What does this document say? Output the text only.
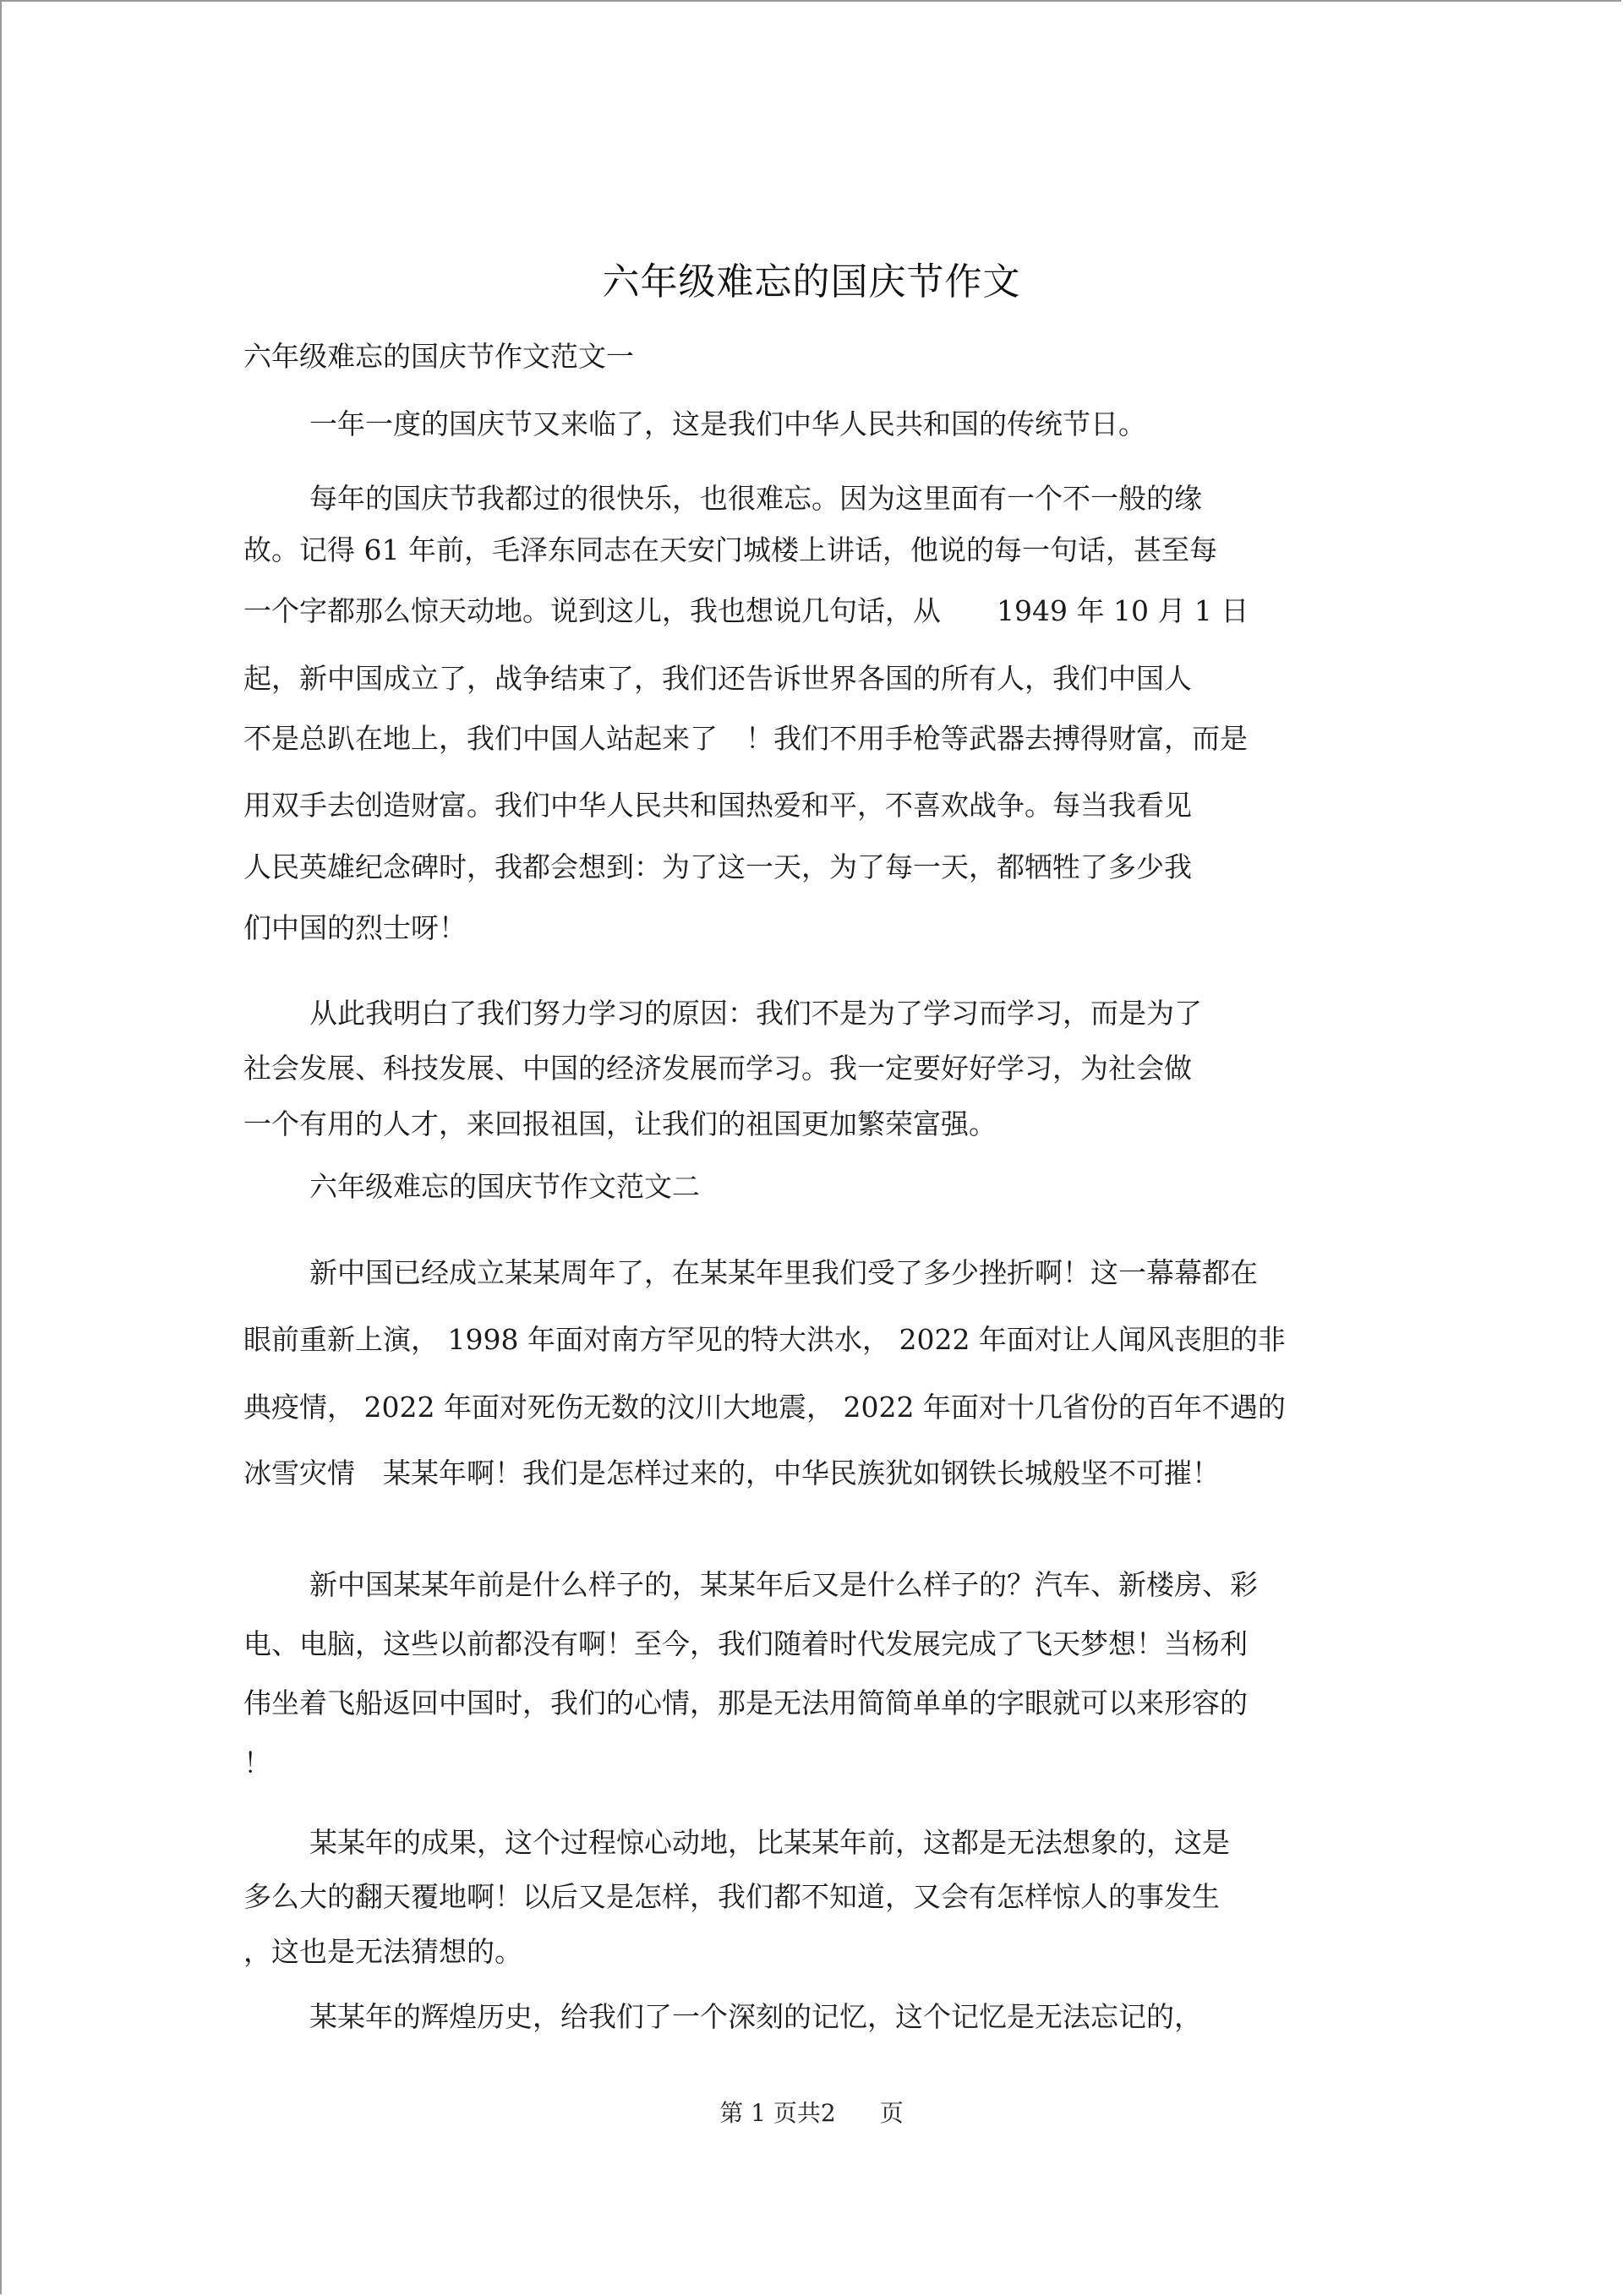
六年级难忘的国庆节作文
六年级难忘的国庆节作文范文一
一年一度的国庆节又来临了，这是我们中华人民共和国的传统节日。
每年的国庆节我都过的很快乐，也很难忘。因为这里面有一个不一般的缘
故。记得 61 年前，毛泽东同志在天安门城楼上讲话，他说的每一句话，甚至每
一个字都那么惊天动地。说到这儿，我也想说几句话，从　　1949 年 10 月 1 日
起，新中国成立了，战争结束了，我们还告诉世界各国的所有人，我们中国人
不是总趴在地上，我们中国人站起来了　！我们不用手枪等武器去搏得财富，而是
用双手去创造财富。我们中华人民共和国热爱和平，不喜欢战争。每当我看见
人民英雄纪念碑时，我都会想到：为了这一天，为了每一天，都牺牲了多少我
们中国的烈士呀！
从此我明白了我们努力学习的原因：我们不是为了学习而学习，而是为了
社会发展、科技发展、中国的经济发展而学习。我一定要好好学习，为社会做
一个有用的人才，来回报祖国，让我们的祖国更加繁荣富强。
六年级难忘的国庆节作文范文二
新中国已经成立某某周年了，在某某年里我们受了多少挫折啊！这一幕幕都在
眼前重新上演， 1998 年面对南方罕见的特大洪水， 2022 年面对让人闻风丧胆的非
典疫情， 2022 年面对死伤无数的汶川大地震， 2022 年面对十几省份的百年不遇的
冰雪灾情　某某年啊！我们是怎样过来的，中华民族犹如钢铁长城般坚不可摧！
新中国某某年前是什么样子的，某某年后又是什么样子的？汽车、新楼房、彩
电、电脑，这些以前都没有啊！至今，我们随着时代发展完成了飞天梦想！当杨利
伟坐着飞船返回中国时，我们的心情，那是无法用简简单单的字眼就可以来形容的
！
某某年的成果，这个过程惊心动地，比某某年前，这都是无法想象的，这是
多么大的翻天覆地啊！以后又是怎样，我们都不知道，又会有怎样惊人的事发生
，这也是无法猜想的。
某某年的辉煌历史，给我们了一个深刻的记忆，这个记忆是无法忘记的，
第 1 页共2 页
